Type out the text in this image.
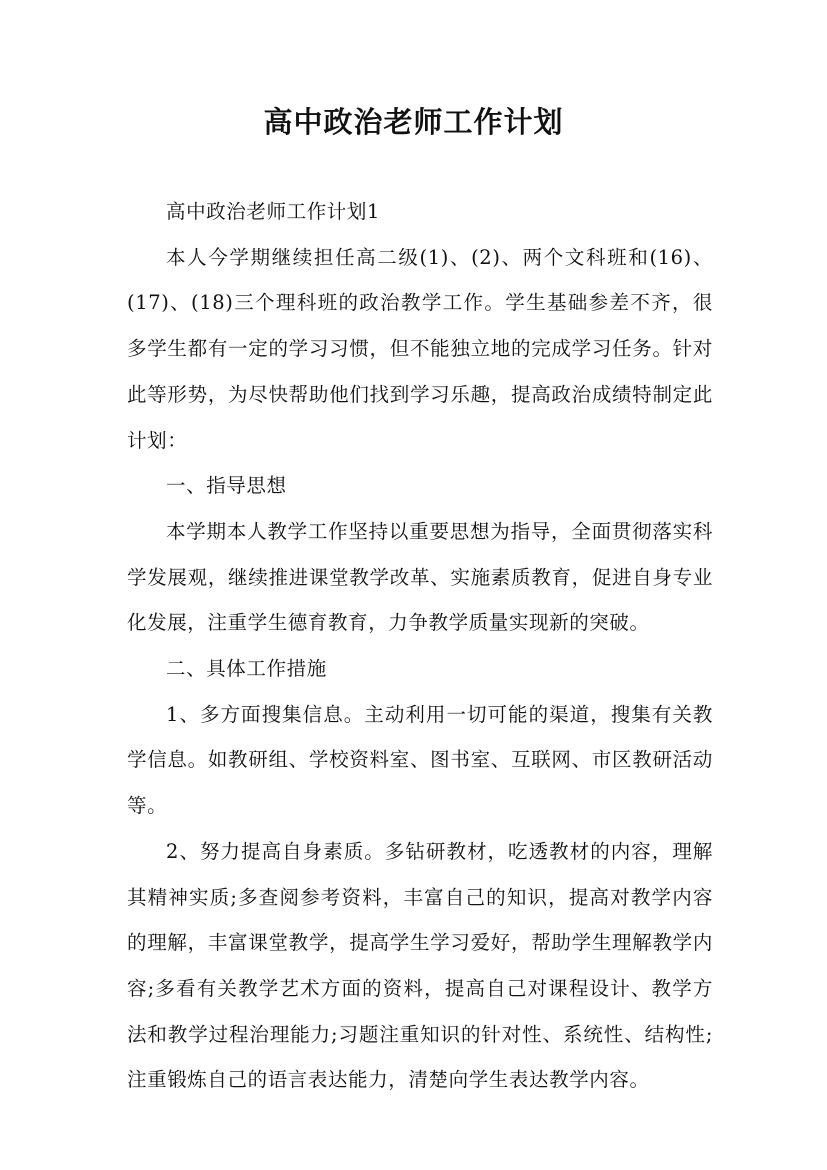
高中政治老师工作计划

高中政治老师工作计划1

本人今学期继续担任高二级(1)、(2)、两个文科班和(16)、(17)、(18)三个理科班的政治教学工作。学生基础参差不齐，很多学生都有一定的学习习惯，但不能独立地的完成学习任务。针对此等形势，为尽快帮助他们找到学习乐趣，提高政治成绩特制定此计划：

一、指导思想

本学期本人教学工作坚持以重要思想为指导，全面贯彻落实科学发展观，继续推进课堂教学改革、实施素质教育，促进自身专业化发展，注重学生德育教育，力争教学质量实现新的突破。

二、具体工作措施

1、多方面搜集信息。主动利用一切可能的渠道，搜集有关教学信息。如教研组、学校资料室、图书室、互联网、市区教研活动等。

2、努力提高自身素质。多钻研教材，吃透教材的内容，理解其精神实质;多查阅参考资料，丰富自己的知识，提高对教学内容的理解，丰富课堂教学，提高学生学习爱好，帮助学生理解教学内容;多看有关教学艺术方面的资料，提高自己对课程设计、教学方法和教学过程治理能力;习题注重知识的针对性、系统性、结构性;注重锻炼自己的语言表达能力，清楚向学生表达教学内容。
